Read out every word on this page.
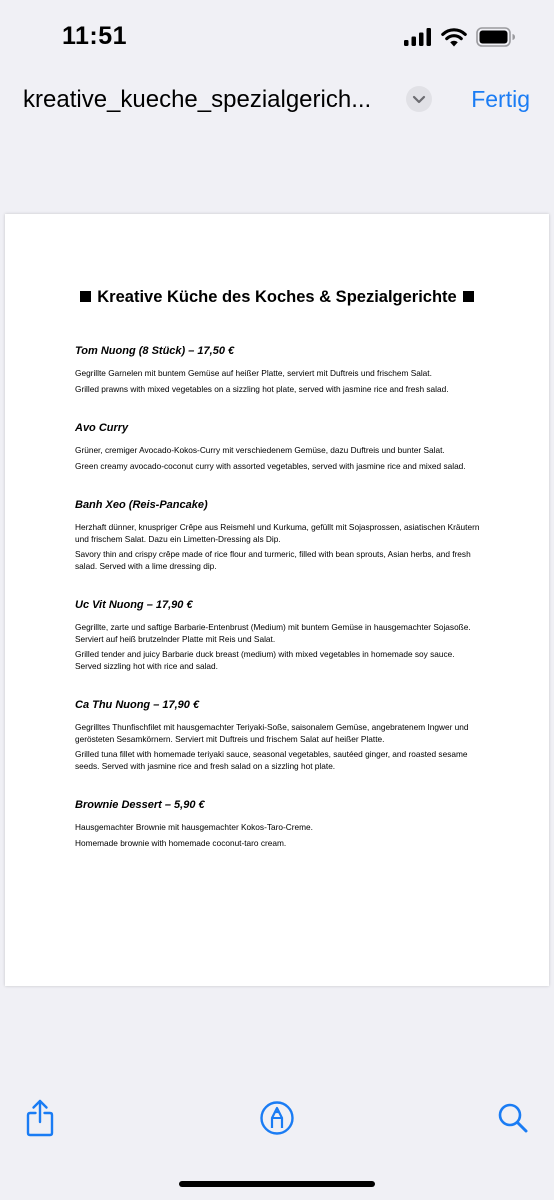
11:51
kreative_kueche_spezialgerich...	Fertig
Kreative Küche des Koches & Spezialgerichte
Tom Nuong (8 Stück) – 17,50 €
Gegrillte Garnelen mit buntem Gemüse auf heißer Platte, serviert mit Duftreis und frischem Salat.
Grilled prawns with mixed vegetables on a sizzling hot plate, served with jasmine rice and fresh salad.
Avo Curry
Grüner, cremiger Avocado-Kokos-Curry mit verschiedenem Gemüse, dazu Duftreis und bunter Salat.
Green creamy avocado-coconut curry with assorted vegetables, served with jasmine rice and mixed salad.
Banh Xeo (Reis-Pancake)
Herzhaft dünner, knuspriger Crêpe aus Reismehl und Kurkuma, gefüllt mit Sojasprossen, asiatischen Kräutern und frischem Salat. Dazu ein Limetten-Dressing als Dip.
Savory thin and crispy crêpe made of rice flour and turmeric, filled with bean sprouts, Asian herbs, and fresh salad. Served with a lime dressing dip.
Uc Vit Nuong – 17,90 €
Gegrillte, zarte und saftige Barbarie-Entenbrust (Medium) mit buntem Gemüse in hausgemachter Sojasoße. Serviert auf heiß brutzelnder Platte mit Reis und Salat.
Grilled tender and juicy Barbarie duck breast (medium) with mixed vegetables in homemade soy sauce. Served sizzling hot with rice and salad.
Ca Thu Nuong – 17,90 €
Gegrilltes Thunfischfilet mit hausgemachter Teriyaki-Soße, saisonalem Gemüse, angebratenem Ingwer und gerösteten Sesamkörnern. Serviert mit Duftreis und frischem Salat auf heißer Platte.
Grilled tuna fillet with homemade teriyaki sauce, seasonal vegetables, sautéed ginger, and roasted sesame seeds. Served with jasmine rice and fresh salad on a sizzling hot plate.
Brownie Dessert – 5,90 €
Hausgemachter Brownie mit hausgemachter Kokos-Taro-Creme.
Homemade brownie with homemade coconut-taro cream.
